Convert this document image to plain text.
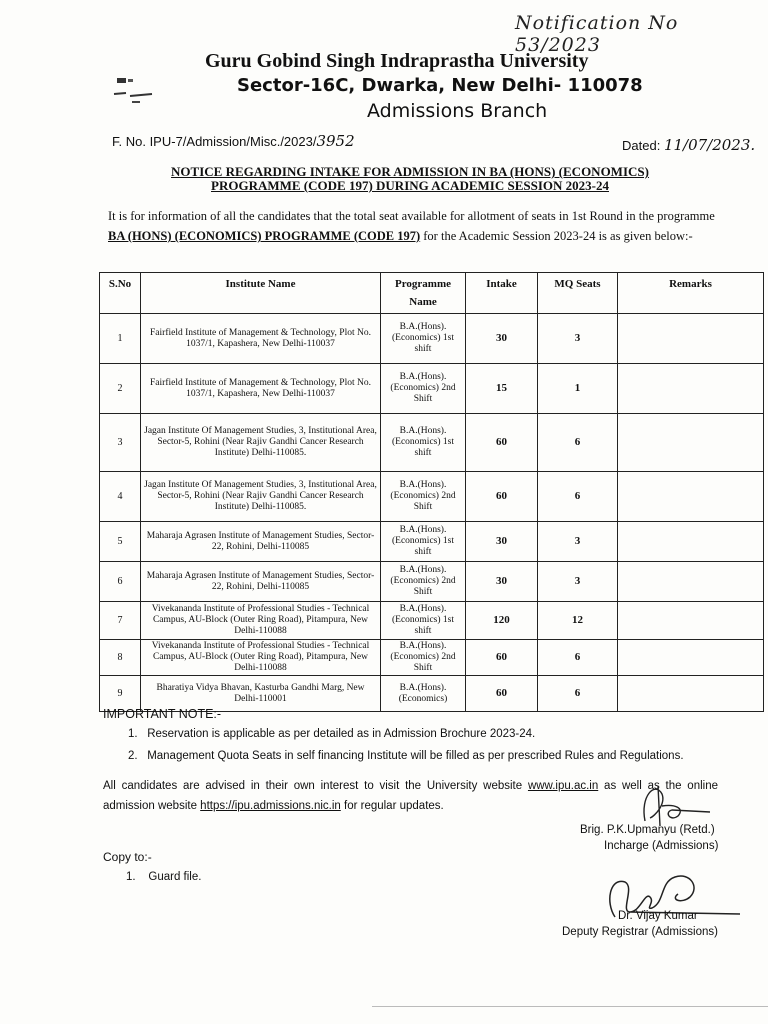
Notification No 53/2023
Guru Gobind Singh Indraprastha University
Sector-16C, Dwarka, New Delhi- 110078
Admissions Branch
F. No. IPU-7/Admission/Misc./2023/3952	Dated: 11/07/2023.
NOTICE REGARDING INTAKE FOR ADMISSION IN BA (HONS) (ECONOMICS)
PROGRAMME (CODE 197) DURING ACADEMIC SESSION 2023-24
It is for information of all the candidates that the total seat available for allotment of seats in 1st Round in the programme BA (HONS) (ECONOMICS) PROGRAMME (CODE 197) for the Academic Session 2023-24 is as given below:-
S.No	Institute Name	Programme Name	Intake	MQ Seats	Remarks
1	Fairfield Institute of Management & Technology, Plot No. 1037/1, Kapashera, New Delhi-110037	B.A.(Hons). (Economics) 1st shift	30	3	
2	Fairfield Institute of Management & Technology, Plot No. 1037/1, Kapashera, New Delhi-110037	B.A.(Hons). (Economics) 2nd Shift	15	1	
3	Jagan Institute Of Management Studies, 3, Institutional Area, Sector-5, Rohini (Near Rajiv Gandhi Cancer Research Institute) Delhi-110085.	B.A.(Hons). (Economics) 1st shift	60	6	
4	Jagan Institute Of Management Studies, 3, Institutional Area, Sector-5, Rohini (Near Rajiv Gandhi Cancer Research Institute) Delhi-110085.	B.A.(Hons). (Economics) 2nd Shift	60	6	
5	Maharaja Agrasen Institute of Management Studies, Sector-22, Rohini, Delhi-110085	B.A.(Hons). (Economics) 1st shift	30	3	
6	Maharaja Agrasen Institute of Management Studies, Sector-22, Rohini, Delhi-110085	B.A.(Hons). (Economics) 2nd Shift	30	3	
7	Vivekananda Institute of Professional Studies - Technical Campus, AU-Block (Outer Ring Road), Pitampura, New Delhi-110088	B.A.(Hons). (Economics) 1st shift	120	12	
8	Vivekananda Institute of Professional Studies - Technical Campus, AU-Block (Outer Ring Road), Pitampura, New Delhi-110088	B.A.(Hons). (Economics) 2nd Shift	60	6	
9	Bharatiya Vidya Bhavan, Kasturba Gandhi Marg, New Delhi-110001	B.A.(Hons). (Economics)	60	6	
IMPORTANT NOTE:-
1. Reservation is applicable as per detailed as in Admission Brochure 2023-24.
2. Management Quota Seats in self financing Institute will be filled as per prescribed Rules and Regulations.
All candidates are advised in their own interest to visit the University website www.ipu.ac.in as well as the online admission website https://ipu.admissions.nic.in for regular updates.
Brig. P.K.Upmanyu (Retd.)
Incharge (Admissions)
Copy to:-
1. Guard file.
Dr. Vijay Kumar
Deputy Registrar (Admissions)
